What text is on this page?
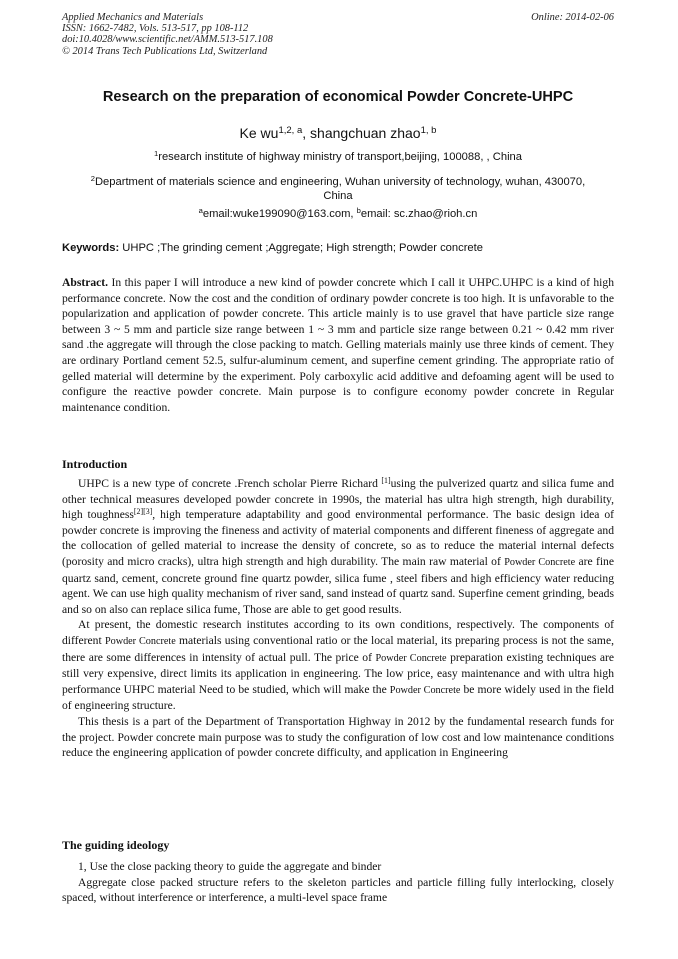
Applied Mechanics and Materials
ISSN: 1662-7482, Vols. 513-517, pp 108-112
doi:10.4028/www.scientific.net/AMM.513-517.108
© 2014 Trans Tech Publications Ltd, Switzerland
Online: 2014-02-06
Research on the preparation of economical Powder Concrete-UHPC
Ke wu$^{1,2, a}$, shangchuan zhao$^{1, b}$
$^1$research institute of highway ministry of transport,beijing, 100088, , China
$^2$Department of materials science and engineering, Wuhan university of technology, wuhan, 430070, China
$^a$email:wuke199090@163.com, $^b$email: sc.zhao@rioh.cn
Keywords: UHPC ;The grinding cement ;Aggregate; High strength; Powder concrete
Abstract. In this paper I will introduce a new kind of powder concrete which I call it UHPC.UHPC is a kind of high performance concrete. Now the cost and the condition of ordinary powder concrete is too high. It is unfavorable to the popularization and application of powder concrete. This article mainly is to use gravel that have particle size range between 3 ~ 5 mm and particle size range between 1 ~ 3 mm and particle size range between 0.21 ~ 0.42 mm river sand .the aggregate will through the close packing to match. Gelling materials mainly use three kinds of cement. They are ordinary Portland cement 52.5, sulfur-aluminum cement, and superfine cement grinding. The appropriate ratio of gelled material will determine by the experiment. Poly carboxylic acid additive and defoaming agent will be used to configure the reactive powder concrete. Main purpose is to configure economy powder concrete in Regular maintenance condition.
Introduction

UHPC is a new type of concrete .French scholar Pierre Richard [1]using the pulverized quartz and silica fume and other technical measures developed powder concrete in 1990s, the material has ultra high strength, high durability, high toughness[2][3], high temperature adaptability and good environmental performance. The basic design idea of powder concrete is improving the fineness and activity of material components and different fineness of aggregate and the collocation of gelled material to increase the density of concrete, so as to reduce the material internal defects (porosity and micro cracks), ultra high strength and high durability. The main raw material of Powder Concrete are fine quartz sand, cement, concrete ground fine quartz powder, silica fume , steel fibers and high efficiency water reducing agent. We can use high quality mechanism of river sand, sand instead of quartz sand. Superfine cement grinding, beads and so on also can replace silica fume, Those are able to get good results.

At present, the domestic research institutes according to its own conditions, respectively. The components of different Powder Concrete materials using conventional ratio or the local material, its preparing process is not the same, there are some differences in intensity of actual pull. The price of Powder Concrete preparation existing techniques are still very expensive, direct limits its application in engineering. The low price, easy maintenance and with ultra high performance UHPC material Need to be studied, which will make the Powder Concrete be more widely used in the field of engineering structure.

This thesis is a part of the Department of Transportation Highway in 2012 by the fundamental research funds for the project. Powder concrete main purpose was to study the configuration of low cost and low maintenance conditions reduce the engineering application of powder concrete difficulty, and application in Engineering

The guiding ideology

1, Use the close packing theory to guide the aggregate and binder

Aggregate close packed structure refers to the skeleton particles and particle filling fully interlocking, closely spaced, without interference or interference, a multi-level space frame
